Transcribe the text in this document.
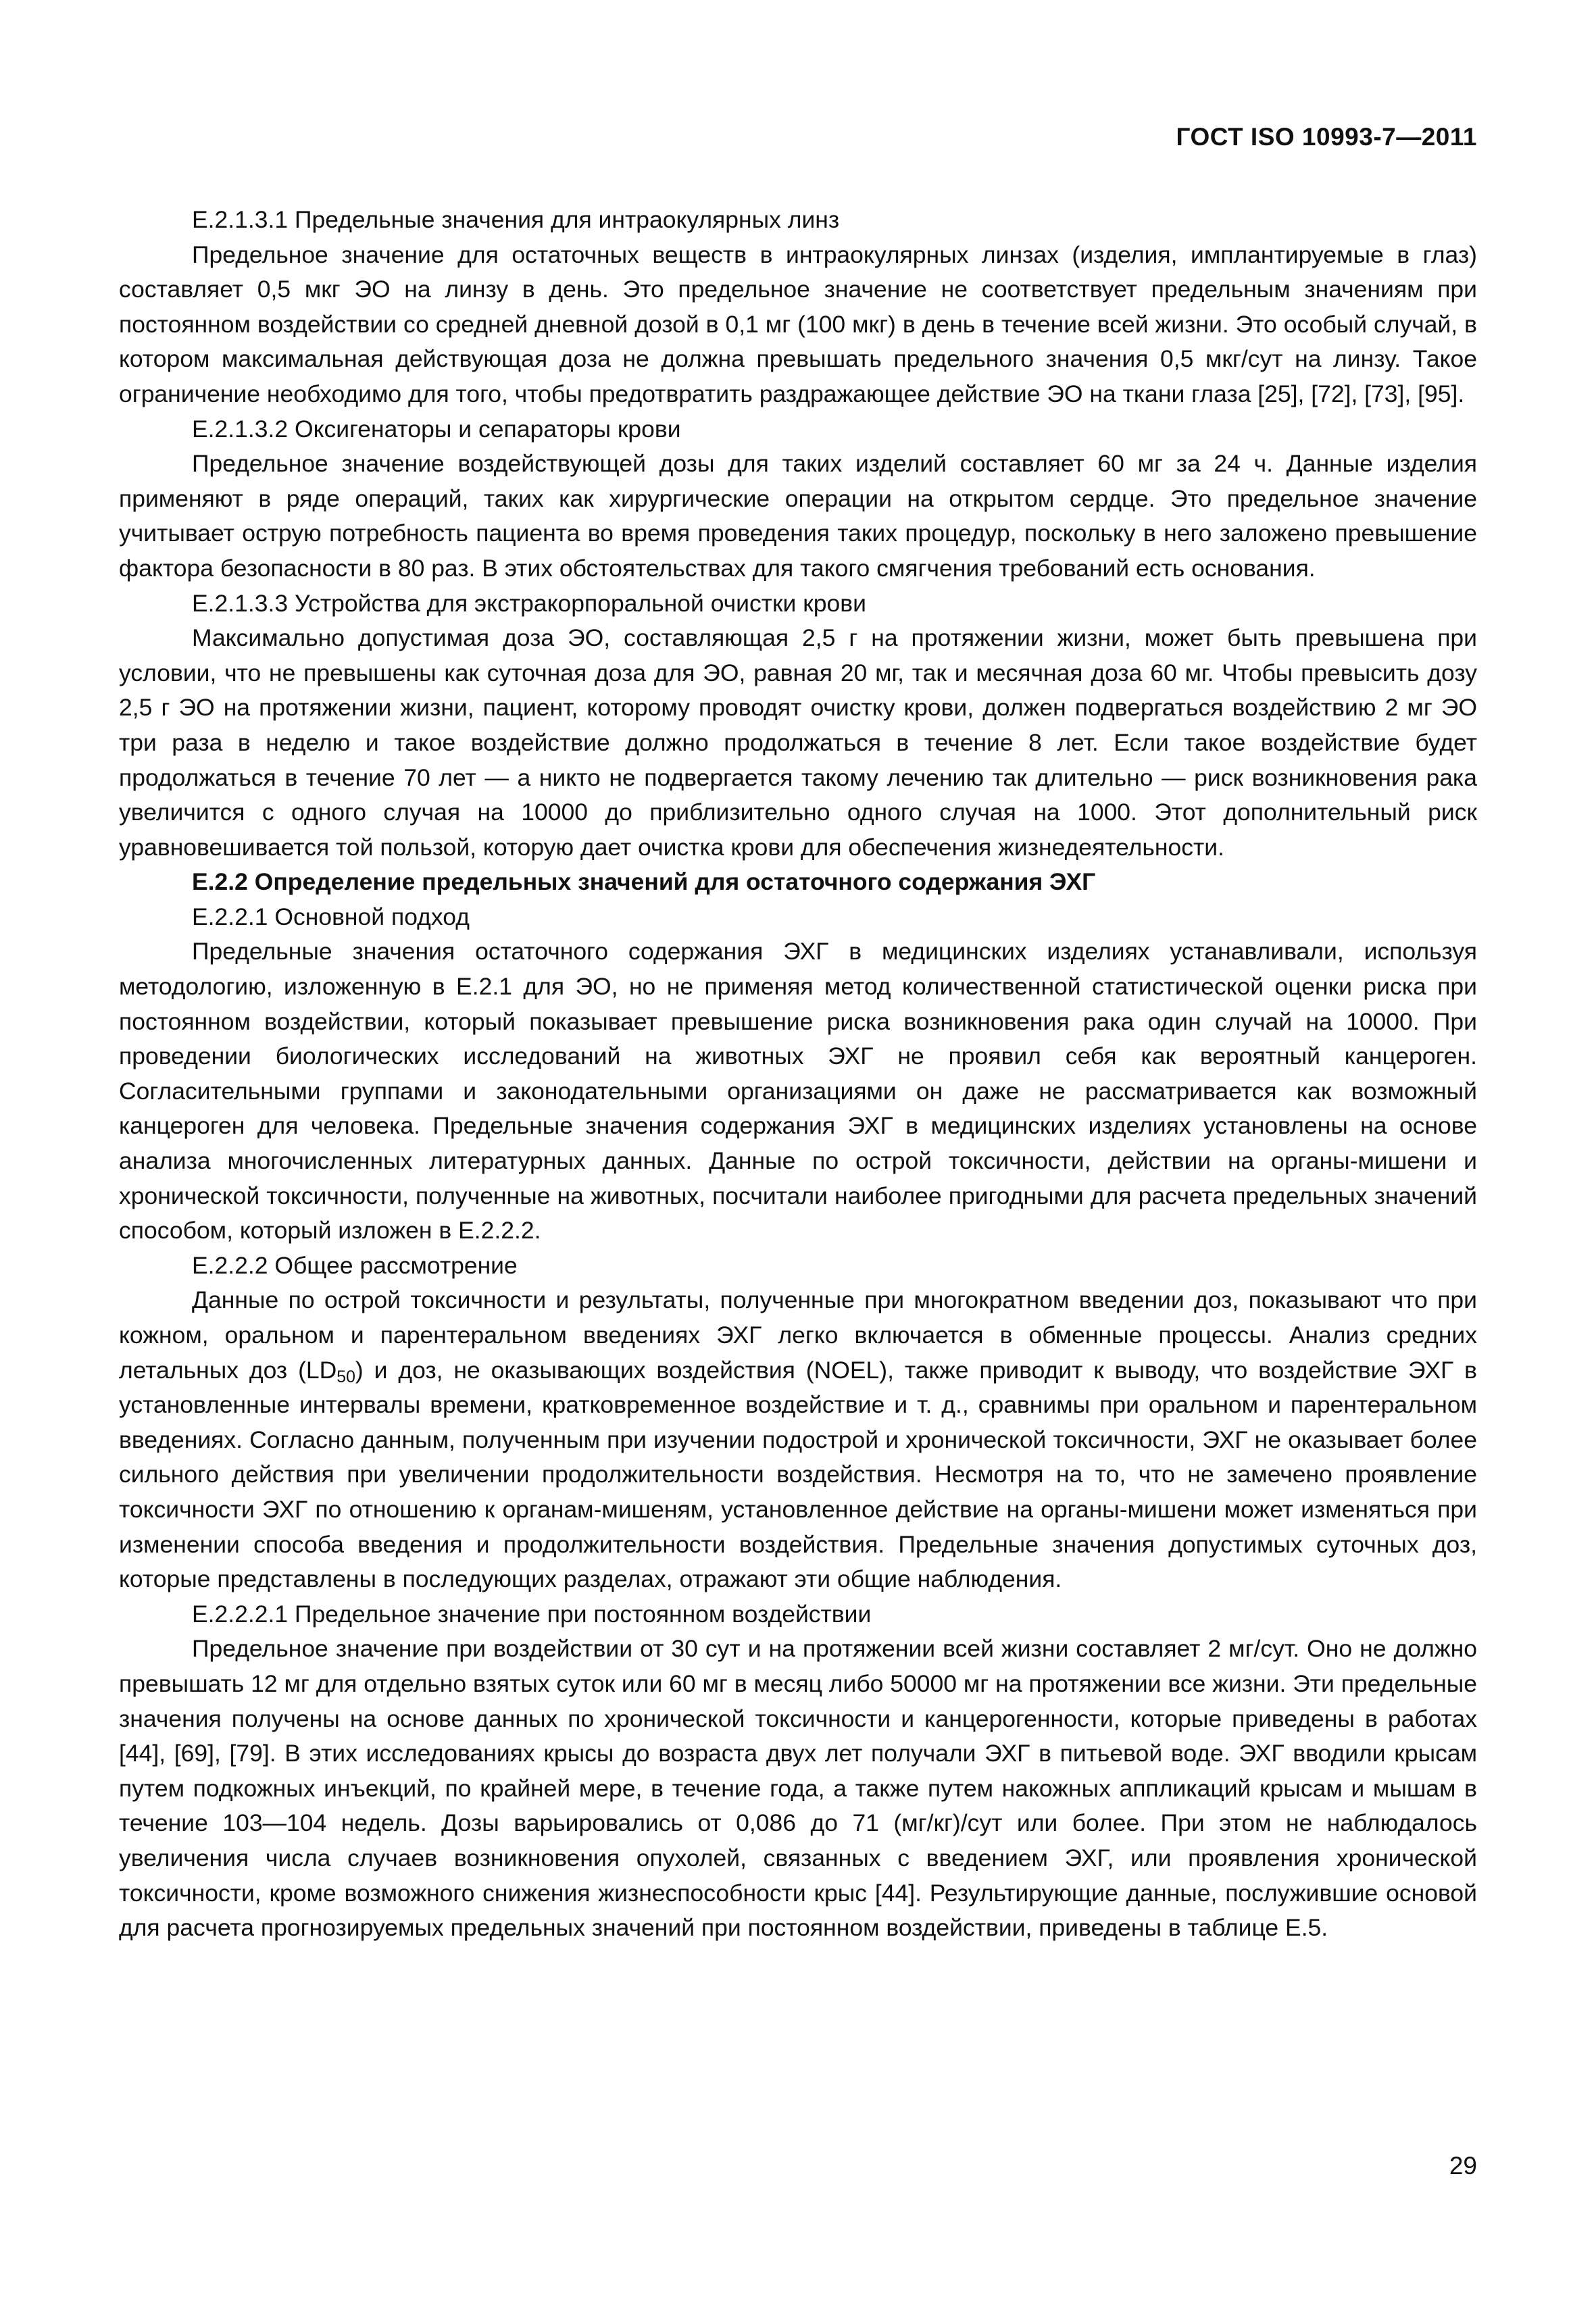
ГОСТ ISO 10993-7—2011

Е.2.1.3.1 Предельные значения для интраокулярных линз

Предельное значение для остаточных веществ в интраокулярных линзах (изделия, имплантируемые в глаз) составляет 0,5 мкг ЭО на линзу в день. Это предельное значение не соответствует предельным значениям при постоянном воздействии со средней дневной дозой в 0,1 мг (100 мкг) в день в течение всей жизни. Это особый случай, в котором максимальная действующая доза не должна превышать предельного значения 0,5 мкг/сут на линзу. Такое ограничение необходимо для того, чтобы предотвратить раздражающее действие ЭО на ткани глаза [25], [72], [73], [95].

Е.2.1.3.2 Оксигенаторы и сепараторы крови

Предельное значение воздействующей дозы для таких изделий составляет 60 мг за 24 ч. Данные изделия применяют в ряде операций, таких как хирургические операции на открытом сердце. Это предельное значение учитывает острую потребность пациента во время проведения таких процедур, поскольку в него заложено превышение фактора безопасности в 80 раз. В этих обстоятельствах для такого смягчения требований есть основания.

Е.2.1.3.3 Устройства для экстракорпоральной очистки крови

Максимально допустимая доза ЭО, составляющая 2,5 г на протяжении жизни, может быть превышена при условии, что не превышены как суточная доза для ЭО, равная 20 мг, так и месячная доза 60 мг. Чтобы превысить дозу 2,5 г ЭО на протяжении жизни, пациент, которому проводят очистку крови, должен подвергаться воздействию 2 мг ЭО три раза в неделю и такое воздействие должно продолжаться в течение 8 лет. Если такое воздействие будет продолжаться в течение 70 лет — а никто не подвергается такому лечению так длительно — риск возникновения рака увеличится с одного случая на 10000 до приблизительно одного случая на 1000. Этот дополнительный риск уравновешивается той пользой, которую дает очистка крови для обеспечения жизнедеятельности.

Е.2.2 Определение предельных значений для остаточного содержания ЭХГ

Е.2.2.1 Основной подход

Предельные значения остаточного содержания ЭХГ в медицинских изделиях устанавливали, используя методологию, изложенную в Е.2.1 для ЭО, но не применяя метод количественной статистической оценки риска при постоянном воздействии, который показывает превышение риска возникновения рака один случай на 10000. При проведении биологических исследований на животных ЭХГ не проявил себя как вероятный канцероген. Согласительными группами и законодательными организациями он даже не рассматривается как возможный канцероген для человека. Предельные значения содержания ЭХГ в медицинских изделиях установлены на основе анализа многочисленных литературных данных. Данные по острой токсичности, действии на органы-мишени и хронической токсичности, полученные на животных, посчитали наиболее пригодными для расчета предельных значений способом, который изложен в Е.2.2.2.

Е.2.2.2 Общее рассмотрение

Данные по острой токсичности и результаты, полученные при многократном введении доз, показывают что при кожном, оральном и парентеральном введениях ЭХГ легко включается в обменные процессы. Анализ средних летальных доз $(LD_{50})$ и доз, не оказывающих воздействия (NOEL), также приводит к выводу, что воздействие ЭХГ в установленные интервалы времени, кратковременное воздействие и т. д., сравнимы при оральном и парентеральном введениях. Согласно данным, полученным при изучении подострой и хронической токсичности, ЭХГ не оказывает более сильного действия при увеличении продолжительности воздействия. Несмотря на то, что не замечено проявление токсичности ЭХГ по отношению к органам-мишеням, установленное действие на органы-мишени может изменяться при изменении способа введения и продолжительности воздействия. Предельные значения допустимых суточных доз, которые представлены в последующих разделах, отражают эти общие наблюдения.

Е.2.2.2.1 Предельное значение при постоянном воздействии

Предельное значение при воздействии от 30 сут и на протяжении всей жизни составляет 2 мг/сут. Оно не должно превышать 12 мг для отдельно взятых суток или 60 мг в месяц либо 50000 мг на протяжении все жизни. Эти предельные значения получены на основе данных по хронической токсичности и канцерогенности, которые приведены в работах [44], [69], [79]. В этих исследованиях крысы до возраста двух лет получали ЭХГ в питьевой воде. ЭХГ вводили крысам путем подкожных инъекций, по крайней мере, в течение года, а также путем накожных аппликаций крысам и мышам в течение 103—104 недель. Дозы варьировались от 0,086 до 71 (мг/кг)/сут или более. При этом не наблюдалось увеличения числа случаев возникновения опухолей, связанных с введением ЭХГ, или проявления хронической токсичности, кроме возможного снижения жизнеспособности крыс [44]. Результирующие данные, послужившие основой для расчета прогнозируемых предельных значений при постоянном воздействии, приведены в таблице Е.5.

29
